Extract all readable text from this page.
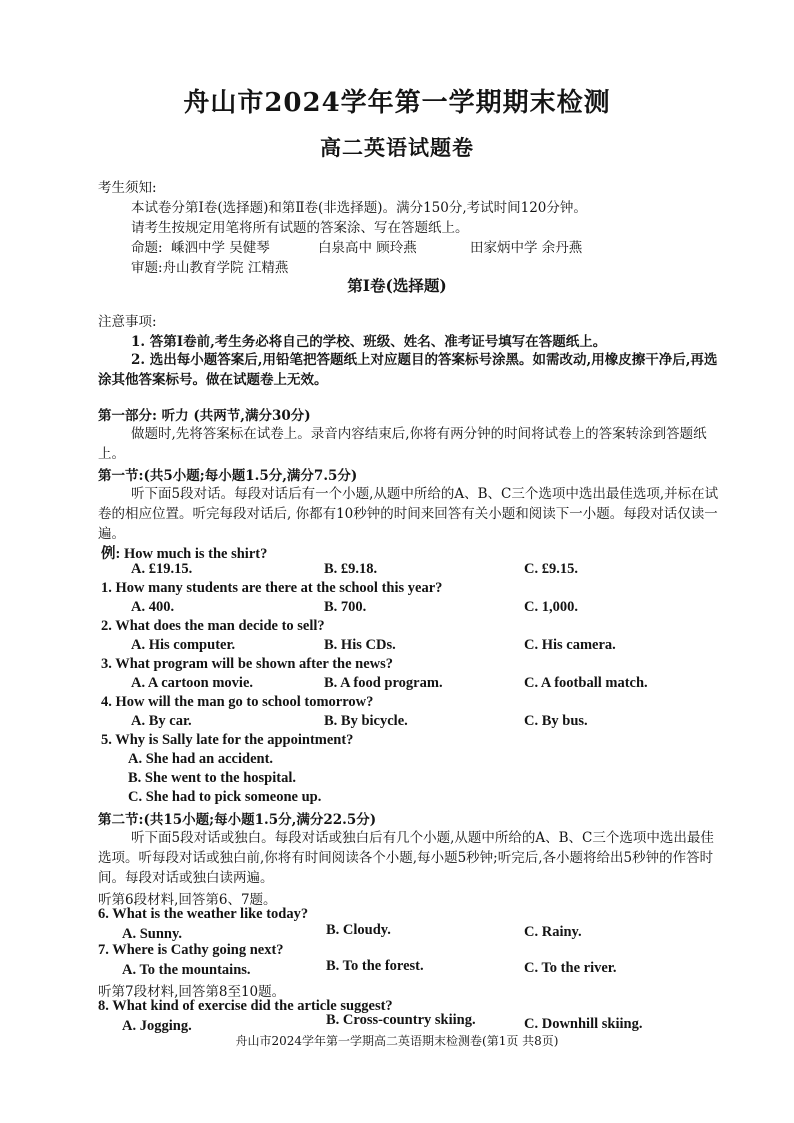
舟山市2024学年第一学期期末检测
高二英语试题卷
考生须知:
本试卷分第Ⅰ卷(选择题)和第Ⅱ卷(非选择题)。满分150分,考试时间120分钟。
请考生按规定用笔将所有试题的答案涂、写在答题纸上。
命题: 嵊泗中学 吴健琴	白泉高中 顾玲燕	田家炳中学 余丹燕
审题:舟山教育学院 江精燕
第Ⅰ卷(选择题)
注意事项:
1. 答第Ⅰ卷前,考生务必将自己的学校、班级、姓名、准考证号填写在答题纸上。
2. 选出每小题答案后,用铅笔把答题纸上对应题目的答案标号涂黑。如需改动,用橡皮擦干净后,再选涂其他答案标号。做在试题卷上无效。
第一部分: 听力 (共两节,满分30分)
做题时,先将答案标在试卷上。录音内容结束后,你将有两分钟的时间将试卷上的答案转涂到答题纸上。
第一节:(共5小题;每小题1.5分,满分7.5分)
听下面5段对话。每段对话后有一个小题,从题中所给的A、B、C三个选项中选出最佳选项,并标在试卷的相应位置。听完每段对话后, 你都有10秒钟的时间来回答有关小题和阅读下一小题。每段对话仅读一遍。
例: How much is the shirt?
A. £19.15.	B. £9.18.	C. £9.15.
1. How many students are there at the school this year?
A. 400.	B. 700.	C. 1,000.
2. What does the man decide to sell?
A. His computer.	B. His CDs.	C. His camera.
3. What program will be shown after the news?
A. A cartoon movie.	B. A food program.	C. A football match.
4. How will the man go to school tomorrow?
A. By car.	B. By bicycle.	C. By bus.
5. Why is Sally late for the appointment?
A. She had an accident.
B. She went to the hospital.
C. She had to pick someone up.
第二节:(共15小题;每小题1.5分,满分22.5分)
听下面5段对话或独白。每段对话或独白后有几个小题,从题中所给的A、B、C三个选项中选出最佳选项。听每段对话或独白前,你将有时间阅读各个小题,每小题5秒钟;听完后,各小题将给出5秒钟的作答时间。每段对话或独白读两遍。
听第6段材料,回答第6、7题。
6. What is the weather like today?
A. Sunny.	B. Cloudy.	C. Rainy.
7. Where is Cathy going next?
A. To the mountains.	B. To the forest.	C. To the river.
听第7段材料,回答第8至10题。
8. What kind of exercise did the article suggest?
A. Jogging.	B. Cross-country skiing.	C. Downhill skiing.
舟山市2024学年第一学期高二英语期末检测卷(第1页 共8页)
